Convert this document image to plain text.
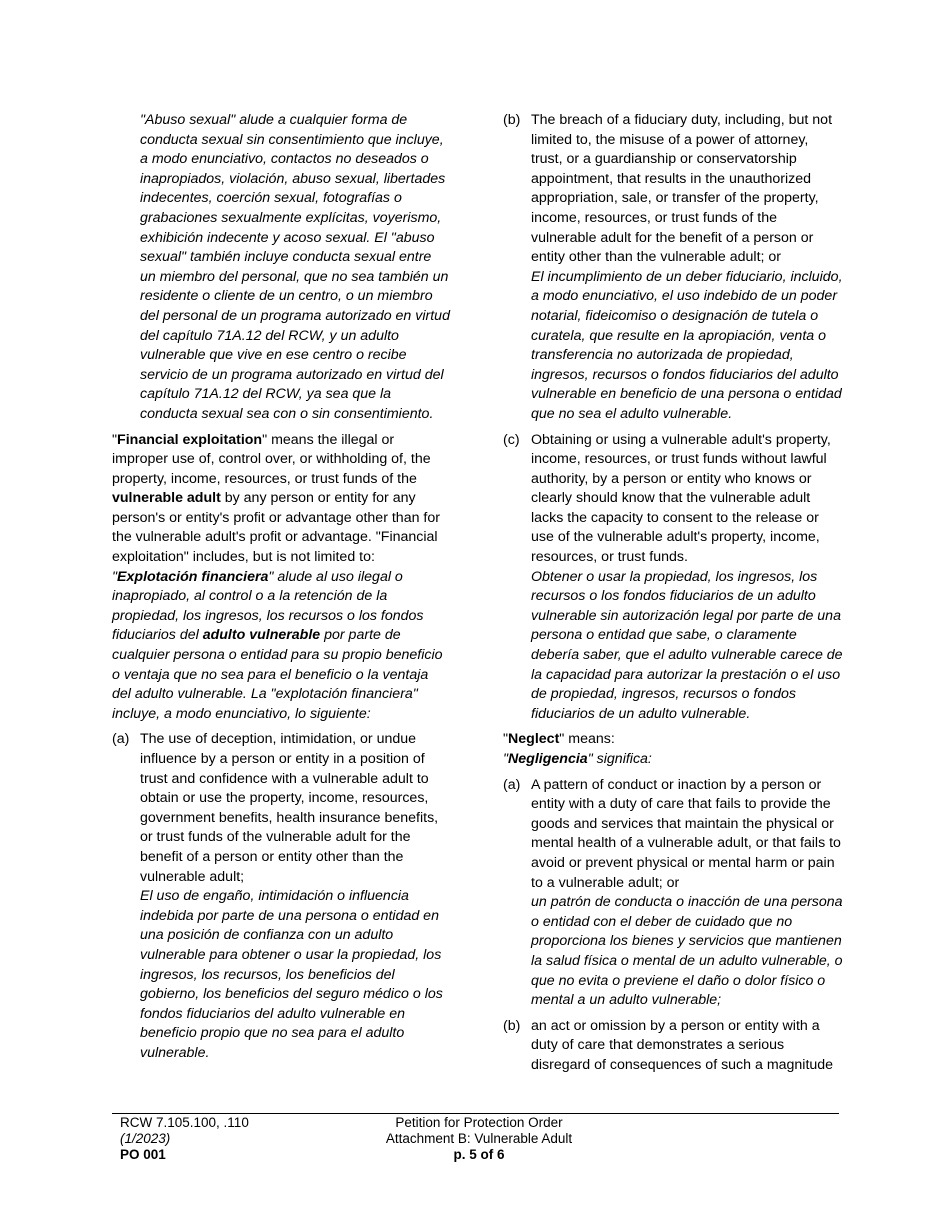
"Abuso sexual" alude a cualquier forma de conducta sexual sin consentimiento que incluye, a modo enunciativo, contactos no deseados o inapropiados, violación, abuso sexual, libertades indecentes, coerción sexual, fotografías o grabaciones sexualmente explícitas, voyerismo, exhibición indecente y acoso sexual. El "abuso sexual" también incluye conducta sexual entre un miembro del personal, que no sea también un residente o cliente de un centro, o un miembro del personal de un programa autorizado en virtud del capítulo 71A.12 del RCW, y un adulto vulnerable que vive en ese centro o recibe servicio de un programa autorizado en virtud del capítulo 71A.12 del RCW, ya sea que la conducta sexual sea con o sin consentimiento.

"Financial exploitation" means the illegal or improper use of, control over, or withholding of, the property, income, resources, or trust funds of the vulnerable adult by any person or entity for any person's or entity's profit or advantage other than for the vulnerable adult's profit or advantage. "Financial exploitation" includes, but is not limited to:

"Explotación financiera" alude al uso ilegal o inapropiado, al control o a la retención de la propiedad, los ingresos, los recursos o los fondos fiduciarios del adulto vulnerable por parte de cualquier persona o entidad para su propio beneficio o ventaja que no sea para el beneficio o la ventaja del adulto vulnerable. La "explotación financiera" incluye, a modo enunciativo, lo siguiente:

(a) The use of deception, intimidation, or undue influence by a person or entity in a position of trust and confidence with a vulnerable adult to obtain or use the property, income, resources, government benefits, health insurance benefits, or trust funds of the vulnerable adult for the benefit of a person or entity other than the vulnerable adult;

El uso de engaño, intimidación o influencia indebida por parte de una persona o entidad en una posición de confianza con un adulto vulnerable para obtener o usar la propiedad, los ingresos, los recursos, los beneficios del gobierno, los beneficios del seguro médico o los fondos fiduciarios del adulto vulnerable en beneficio propio que no sea para el adulto vulnerable.

(b) The breach of a fiduciary duty, including, but not limited to, the misuse of a power of attorney, trust, or a guardianship or conservatorship appointment, that results in the unauthorized appropriation, sale, or transfer of the property, income, resources, or trust funds of the vulnerable adult for the benefit of a person or entity other than the vulnerable adult; or

El incumplimiento de un deber fiduciario, incluido, a modo enunciativo, el uso indebido de un poder notarial, fideicomiso o designación de tutela o curatela, que resulte en la apropiación, venta o transferencia no autorizada de propiedad, ingresos, recursos o fondos fiduciarios del adulto vulnerable en beneficio de una persona o entidad que no sea el adulto vulnerable.

(c) Obtaining or using a vulnerable adult's property, income, resources, or trust funds without lawful authority, by a person or entity who knows or clearly should know that the vulnerable adult lacks the capacity to consent to the release or use of the vulnerable adult's property, income, resources, or trust funds.

Obtener o usar la propiedad, los ingresos, los recursos o los fondos fiduciarios de un adulto vulnerable sin autorización legal por parte de una persona o entidad que sabe, o claramente debería saber, que el adulto vulnerable carece de la capacidad para autorizar la prestación o el uso de propiedad, ingresos, recursos o fondos fiduciarios de un adulto vulnerable.

"Neglect" means:

"Negligencia" significa:

(a) A pattern of conduct or inaction by a person or entity with a duty of care that fails to provide the goods and services that maintain the physical or mental health of a vulnerable adult, or that fails to avoid or prevent physical or mental harm or pain to a vulnerable adult; or

un patrón de conducta o inacción de una persona o entidad con el deber de cuidado que no proporciona los bienes y servicios que mantienen la salud física o mental de un adulto vulnerable, o que no evita o previene el daño o dolor físico o mental a un adulto vulnerable;

(b) an act or omission by a person or entity with a duty of care that demonstrates a serious disregard of consequences of such a magnitude

RCW 7.105.100, .110
(1/2023)
PO 001
Petition for Protection Order
Attachment B: Vulnerable Adult
p. 5 of 6
